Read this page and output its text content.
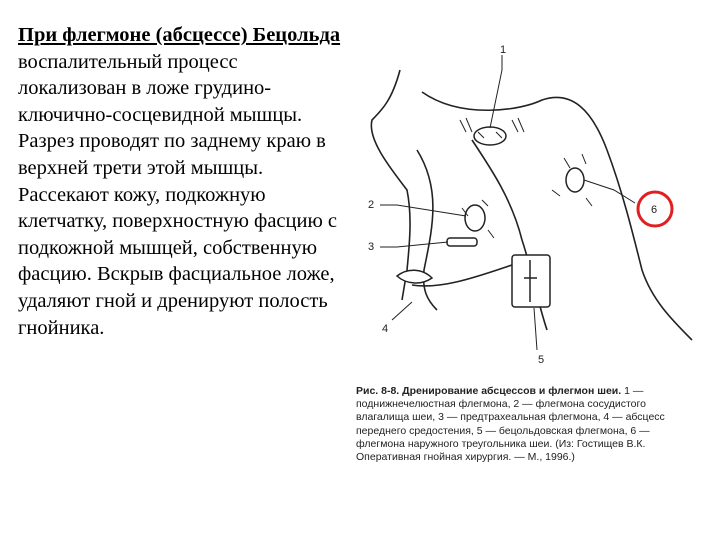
При флегмоне (абсцессе) Бецольда воспалительный процесс локализован в ложе грудино-ключично-сосцевидной мышцы. Разрез проводят по заднему краю в верхней трети этой мышцы. Рассекают кожу, подкожную клетчатку, поверхностную фасцию с подкожной мышцей, собственную фасцию. Вскрыв фасциальное ложе, удаляют гной и дренируют полость гнойника.
1
2
3
4
5
6
Рис. 8-8. Дренирование абсцессов и флегмон шеи. 1 — поднижнечелюстная флегмона, 2 — флегмона сосудистого влагалища шеи, 3 — предтрахеальная флегмона, 4 — абсцесс переднего средостения, 5 — бецольдовская флегмона, 6 — флегмона наружного треугольника шеи. (Из: Гостищев В.К. Оперативная гнойная хирургия. — М., 1996.)
